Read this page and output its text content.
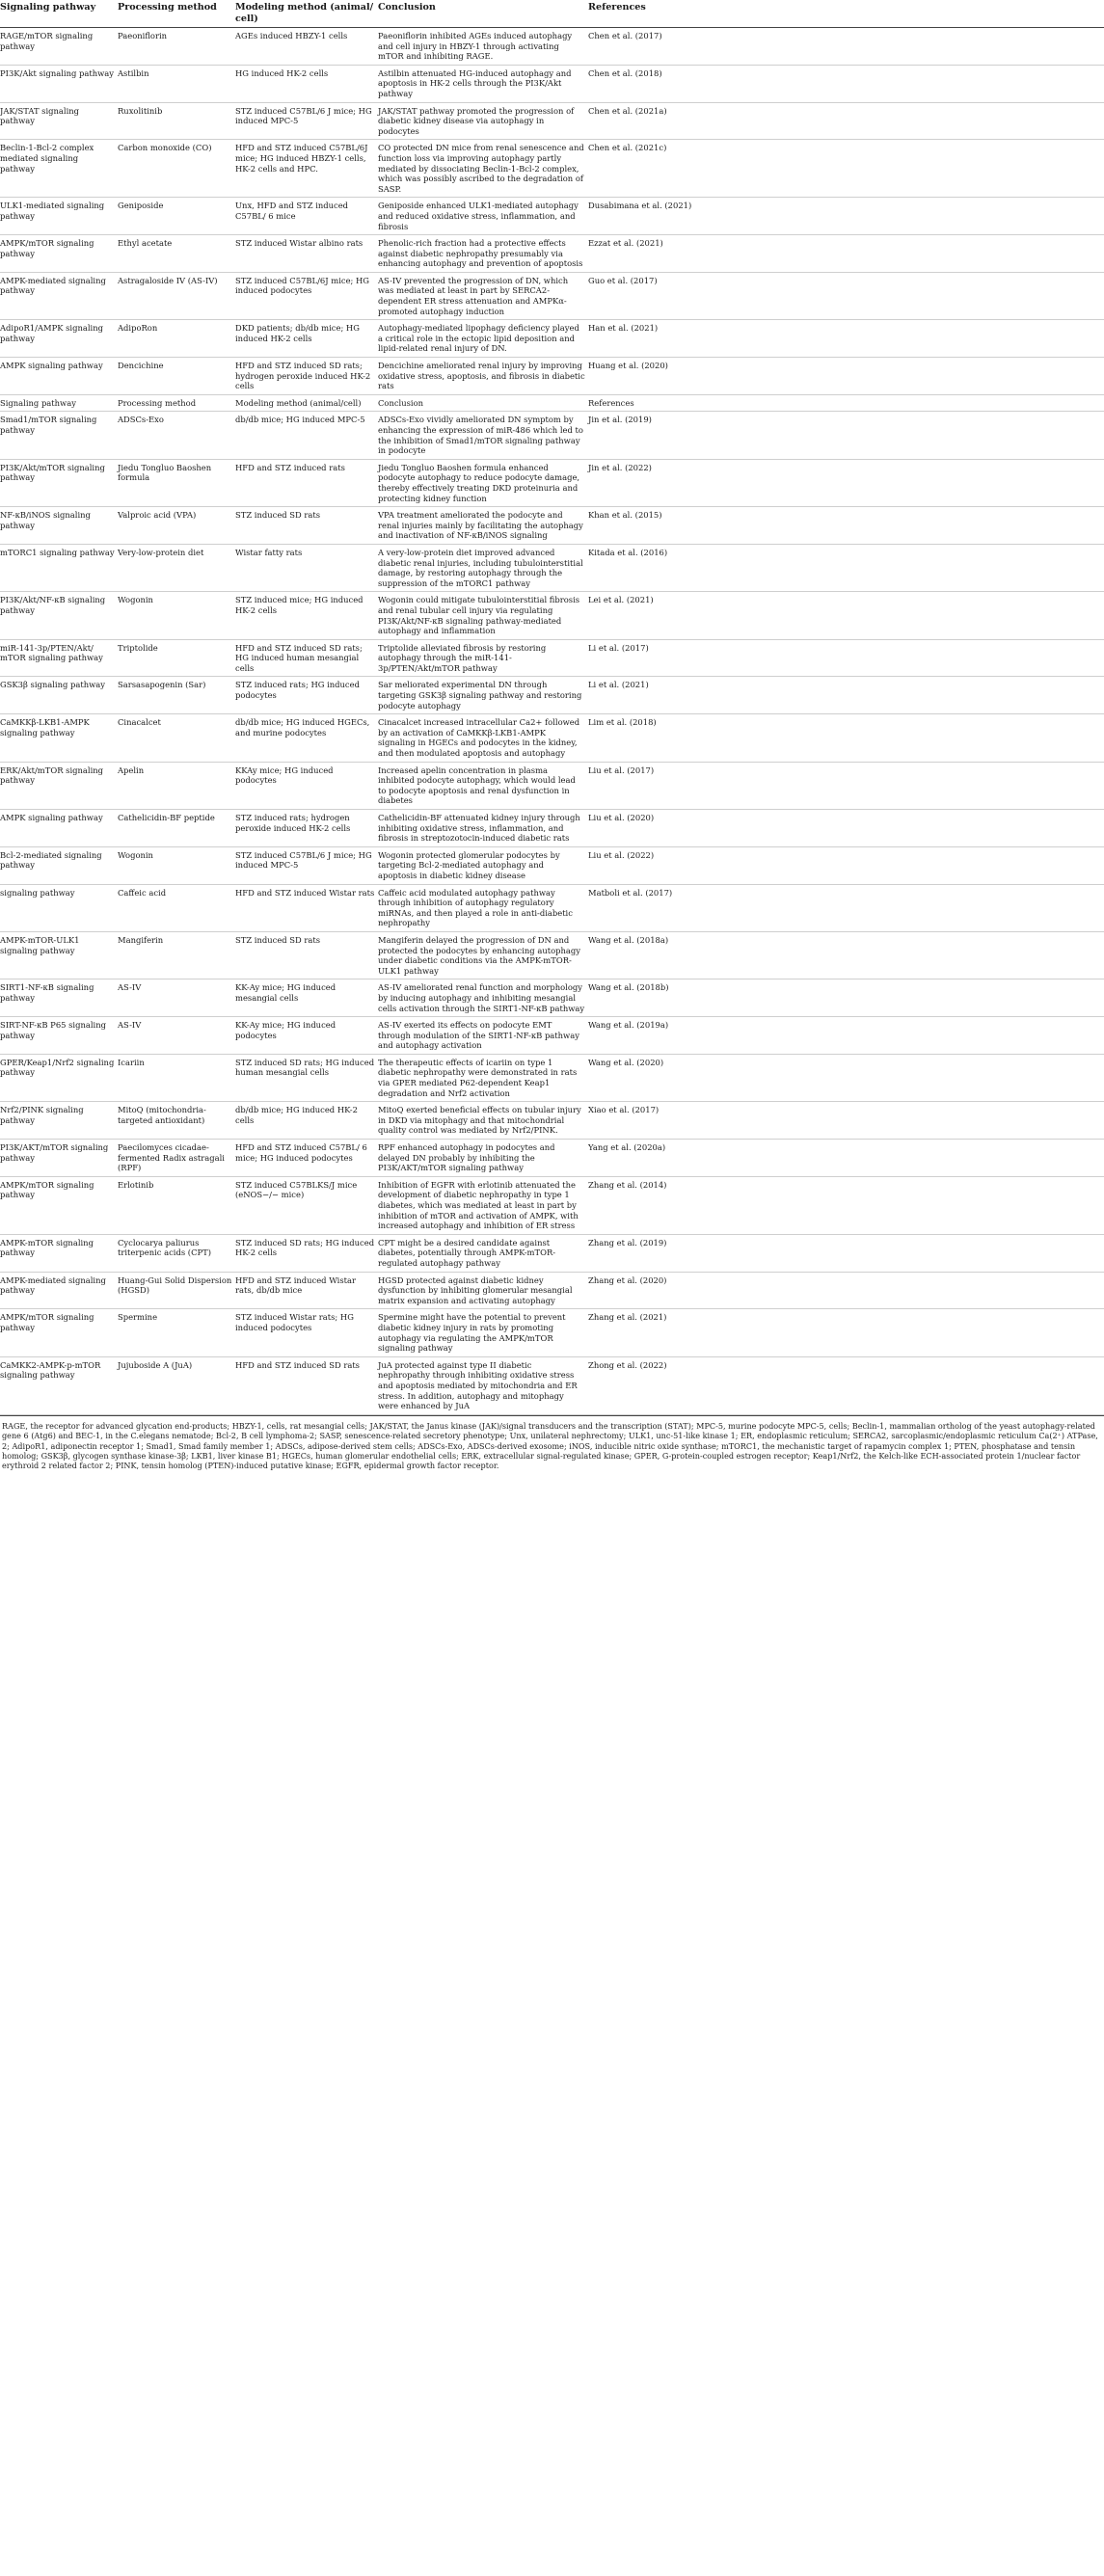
Signaling pathway	Processing method	Modeling method (animal/ cell)	Conclusion	References
RAGE/mTOR signaling pathway	Paeoniflorin	AGEs induced HBZY-1 cells	Paeoniflorin inhibited AGEs induced autophagy and cell injury in HBZY-1 through activating mTOR and inhibiting RAGE.	Chen et al. (2017)
PI3K/Akt signaling pathway	Astilbin	HG induced HK-2 cells	Astilbin attenuated HG-induced autophagy and apoptosis in HK-2 cells through the PI3K/Akt pathway	Chen et al. (2018)
JAK/STAT signaling pathway	Ruxolitinib	STZ induced C57BL/6 J mice; HG induced MPC-5	JAK/STAT pathway promoted the progression of diabetic kidney disease via autophagy in podocytes	Chen et al. (2021a)
Beclin-1-Bcl-2 complex mediated signaling pathway	Carbon monoxide (CO)	HFD and STZ induced C57BL/6J mice; HG induced HBZY-1 cells, HK-2 cells and HPC.	CO protected DN mice from renal senescence and function loss via improving autophagy partly mediated by dissociating Beclin-1-Bcl-2 complex, which was possibly ascribed to the degradation of SASP.	Chen et al. (2021c)
ULK1-mediated signaling pathway	Geniposide	Unx, HFD and STZ induced C57BL/ 6 mice	Geniposide enhanced ULK1-mediated autophagy and reduced oxidative stress, inflammation, and fibrosis	Dusabimana et al. (2021)
AMPK/mTOR signaling pathway	Ethyl acetate	STZ induced Wistar albino rats	Phenolic-rich fraction had a protective effects against diabetic nephropathy presumably via enhancing autophagy and prevention of apoptosis	Ezzat et al. (2021)
AMPK-mediated signaling pathway	Astragaloside IV (AS-IV)	STZ induced C57BL/6J mice; HG induced podocytes	AS-IV prevented the progression of DN, which was mediated at least in part by SERCA2-dependent ER stress attenuation and AMPKα-promoted autophagy induction	Guo et al. (2017)
AdipoR1/AMPK signaling pathway	AdipoRon	DKD patients; db/db mice; HG induced HK-2 cells	Autophagy-mediated lipophagy deficiency played a critical role in the ectopic lipid deposition and lipid-related renal injury of DN.	Han et al. (2021)
AMPK signaling pathway	Dencichine	HFD and STZ induced SD rats; hydrogen peroxide induced HK-2 cells	Dencichine ameliorated renal injury by improving oxidative stress, apoptosis, and fibrosis in diabetic rats	Huang et al. (2020)
Signaling pathway	Processing method	Modeling method (animal/cell)	Conclusion	References
Smad1/mTOR signaling pathway	ADSCs-Exo	db/db mice; HG induced MPC-5	ADSCs-Exo vividly ameliorated DN symptom by enhancing the expression of miR-486 which led to the inhibition of Smad1/mTOR signaling pathway in podocyte	Jin et al. (2019)
PI3K/Akt/mTOR signaling pathway	Jiedu Tongluo Baoshen formula	HFD and STZ induced rats	Jiedu Tongluo Baoshen formula enhanced podocyte autophagy to reduce podocyte damage, thereby effectively treating DKD proteinuria and protecting kidney function	Jin et al. (2022)
NF-κB/iNOS signaling pathway	Valproic acid (VPA)	STZ induced SD rats	VPA treatment ameliorated the podocyte and renal injuries mainly by facilitating the autophagy and inactivation of NF-κB/iNOS signaling	Khan et al. (2015)
mTORC1 signaling pathway	Very-low-protein diet	Wistar fatty rats	A very-low-protein diet improved advanced diabetic renal injuries, including tubulointerstitial damage, by restoring autophagy through the suppression of the mTORC1 pathway	Kitada et al. (2016)
PI3K/Akt/NF-κB signaling pathway	Wogonin	STZ induced mice; HG induced HK-2 cells	Wogonin could mitigate tubulointerstitial fibrosis and renal tubular cell injury via regulating PI3K/Akt/NF-κB signaling pathway-mediated autophagy and inflammation	Lei et al. (2021)
miR-141-3p/PTEN/Akt/ mTOR signaling pathway	Triptolide	HFD and STZ induced SD rats; HG induced human mesangial cells	Triptolide alleviated fibrosis by restoring autophagy through the miR-141-3p/PTEN/Akt/mTOR pathway	Li et al. (2017)
GSK3β signaling pathway	Sarsasapogenin (Sar)	STZ induced rats; HG induced podocytes	Sar meliorated experimental DN through targeting GSK3β signaling pathway and restoring podocyte autophagy	Li et al. (2021)
CaMKKβ-LKB1-AMPK signaling pathway	Cinacalcet	db/db mice; HG induced HGECs, and murine podocytes	Cinacalcet increased intracellular Ca2+ followed by an activation of CaMKKβ-LKB1-AMPK signaling in HGECs and podocytes in the kidney, and then modulated apoptosis and autophagy	Lim et al. (2018)
ERK/Akt/mTOR signaling pathway	Apelin	KKAy mice; HG induced podocytes	Increased apelin concentration in plasma inhibited podocyte autophagy, which would lead to podocyte apoptosis and renal dysfunction in diabetes	Liu et al. (2017)
AMPK signaling pathway	Cathelicidin-BF peptide	STZ induced rats; hydrogen peroxide induced HK-2 cells	Cathelicidin-BF attenuated kidney injury through inhibiting oxidative stress, inflammation, and fibrosis in streptozotocin-induced diabetic rats	Liu et al. (2020)
Bcl-2-mediated signaling pathway	Wogonin	STZ induced C57BL/6 J mice; HG induced MPC-5	Wogonin protected glomerular podocytes by targeting Bcl-2-mediated autophagy and apoptosis in diabetic kidney disease	Liu et al. (2022)
signaling pathway	Caffeic acid	HFD and STZ induced Wistar rats	Caffeic acid modulated autophagy pathway through inhibition of autophagy regulatory miRNAs, and then played a role in anti-diabetic nephropathy	Matboli et al. (2017)
AMPK-mTOR-ULK1 signaling pathway	Mangiferin	STZ induced SD rats	Mangiferin delayed the progression of DN and protected the podocytes by enhancing autophagy under diabetic conditions via the AMPK-mTOR-ULK1 pathway	Wang et al. (2018a)
SIRT1-NF-κB signaling pathway	AS-IV	KK-Ay mice; HG induced mesangial cells	AS-IV ameliorated renal function and morphology by inducing autophagy and inhibiting mesangial cells activation through the SIRT1-NF-κB pathway	Wang et al. (2018b)
SIRT-NF-κB P65 signaling pathway	AS-IV	KK-Ay mice; HG induced podocytes	AS-IV exerted its effects on podocyte EMT through modulation of the SIRT1-NF-κB pathway and autophagy activation	Wang et al. (2019a)
GPER/Keap1/Nrf2 signaling pathway	Icariin	STZ induced SD rats; HG induced human mesangial cells	The therapeutic effects of icariin on type 1 diabetic nephropathy were demonstrated in rats via GPER mediated P62-dependent Keap1 degradation and Nrf2 activation	Wang et al. (2020)
Nrf2/PINK signaling pathway	MitoQ (mitochondria-targeted antioxidant)	db/db mice; HG induced HK-2 cells	MitoQ exerted beneficial effects on tubular injury in DKD via mitophagy and that mitochondrial quality control was mediated by Nrf2/PINK.	Xiao et al. (2017)
PI3K/AKT/mTOR signaling pathway	Paecilomyces cicadae-fermented Radix astragali (RPF)	HFD and STZ induced C57BL/ 6 mice; HG induced podocytes	RPF enhanced autophagy in podocytes and delayed DN probably by inhibiting the PI3K/AKT/mTOR signaling pathway	Yang et al. (2020a)
AMPK/mTOR signaling pathway	Erlotinib	STZ induced C57BLKS/J mice (eNOS−/− mice)	Inhibition of EGFR with erlotinib attenuated the development of diabetic nephropathy in type 1 diabetes, which was mediated at least in part by inhibition of mTOR and activation of AMPK, with increased autophagy and inhibition of ER stress	Zhang et al. (2014)
AMPK-mTOR signaling pathway	Cyclocarya paliurus triterpenic acids (CPT)	STZ induced SD rats; HG induced HK-2 cells	CPT might be a desired candidate against diabetes, potentially through AMPK-mTOR-regulated autophagy pathway	Zhang et al. (2019)
AMPK-mediated signaling pathway	Huang-Gui Solid Dispersion (HGSD)	HFD and STZ induced Wistar rats, db/db mice	HGSD protected against diabetic kidney dysfunction by inhibiting glomerular mesangial matrix expansion and activating autophagy	Zhang et al. (2020)
AMPK/mTOR signaling pathway	Spermine	STZ induced Wistar rats; HG induced podocytes	Spermine might have the potential to prevent diabetic kidney injury in rats by promoting autophagy via regulating the AMPK/mTOR signaling pathway	Zhang et al. (2021)
CaMKK2-AMPK-p-mTOR signaling pathway	Jujuboside A (JuA)	HFD and STZ induced SD rats	JuA protected against type II diabetic nephropathy through inhibiting oxidative stress and apoptosis mediated by mitochondria and ER stress. In addition, autophagy and mitophagy were enhanced by JuA	Zhong et al. (2022)
RAGE, the receptor for advanced glycation end-products; HBZY-1, cells, rat mesangial cells; JAK/STAT, the Janus kinase (JAK)/signal transducers and the transcription (STAT); MPC-5, murine podocyte MPC-5, cells; Beclin-1, mammalian ortholog of the yeast autophagy-related gene 6 (Atg6) and BEC-1, in the C.elegans nematode; Bcl-2, B cell lymphoma-2; SASP, senescence-related secretory phenotype; Unx, unilateral nephrectomy; ULK1, unc-51-like kinase 1; ER, endoplasmic reticulum; SERCA2, sarcoplasmic/endoplasmic reticulum Ca(2⁺) ATPase, 2; AdipoR1, adiponectin receptor 1; Smad1, Smad family member 1; ADSCs, adipose-derived stem cells; ADSCs-Exo, ADSCs-derived exosome; iNOS, inducible nitric oxide synthase; mTORC1, the mechanistic target of rapamycin complex 1; PTEN, phosphatase and tensin homolog; GSK3β, glycogen synthase kinase-3β; LKB1, liver kinase B1; HGECs, human glomerular endothelial cells; ERK, extracellular signal-regulated kinase; GPER, G-protein-coupled estrogen receptor; Keap1/Nrf2, the Kelch-like ECH-associated protein 1/nuclear factor erythroid 2 related factor 2; PINK, tensin homolog (PTEN)-induced putative kinase; EGFR, epidermal growth factor receptor.
